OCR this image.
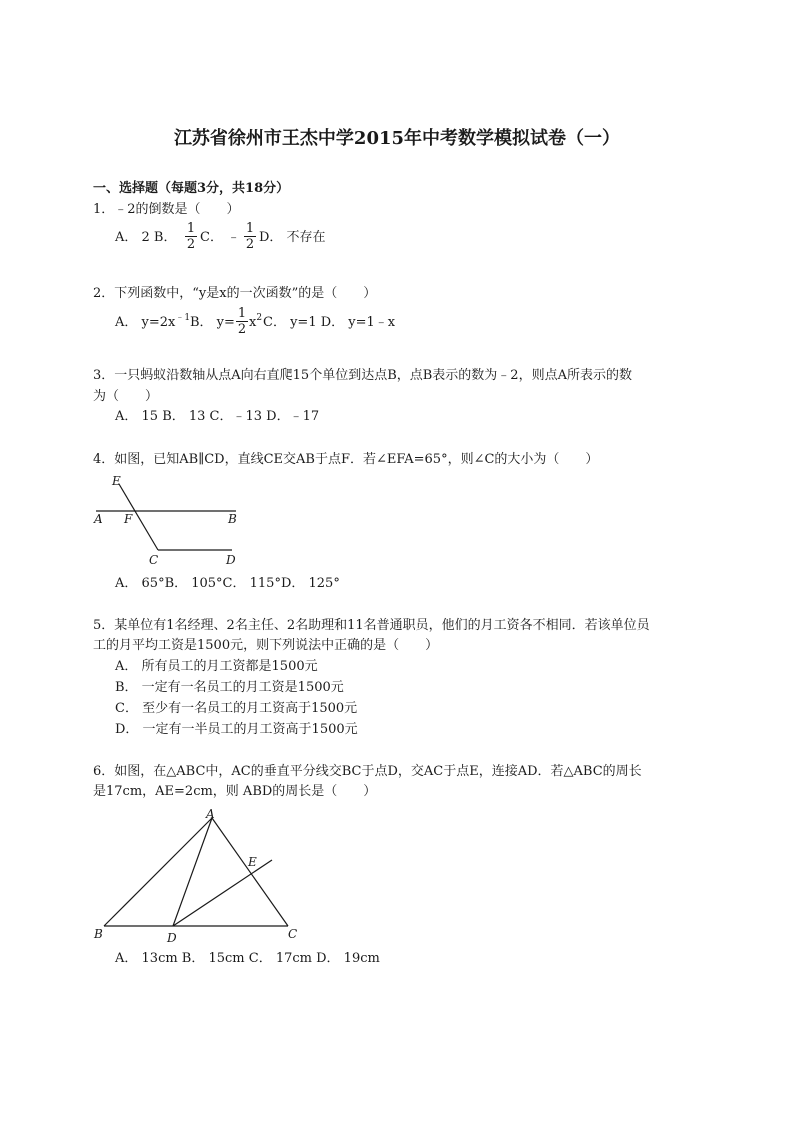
江苏省徐州市王杰中学2015年中考数学模拟试卷（一）
一、选择题（每题3分，共18分）
1．﹣2的倒数是（　　）
A． 2 B．
1
2 C． ﹣
1
2 D． 不存在
2．下列函数中，“y是x的一次函数”的是（　　）
A． $y=2x^{﹣1}$ B． y=
1
2 $x^2$ C． y=1 D． y=1﹣x
3．一只蚂蚁沿数轴从点A向右直爬15个单位到达点B，点B表示的数为﹣2，则点A所表示的数
为（　　）
A． 15 B． 13 C．﹣13 D．﹣17
4．如图，已知AB∥CD，直线CE交AB于点F．若∠EFA=65°，则∠C的大小为（　　）
E
A F	B
C	D
A． 65°B． 105°C． 115°D． 125°
5．某单位有1名经理、2名主任、2名助理和11名普通职员，他们的月工资各不相同．若该单位员
工的月平均工资是1500元，则下列说法中正确的是（　　）
A． 所有员工的月工资都是1500元
B． 一定有一名员工的月工资是1500元
C． 至少有一名员工的月工资高于1500元
D． 一定有一半员工的月工资高于1500元
6．如图，在△ABC中，AC的垂直平分线交BC于点D，交AC于点E，连接AD．若△ABC的周长
是17cm，AE=2cm，则 ABD的周长是（　　）
A
E
B	D	C
A． 13cm B． 15cm C． 17cm D． 19cm
